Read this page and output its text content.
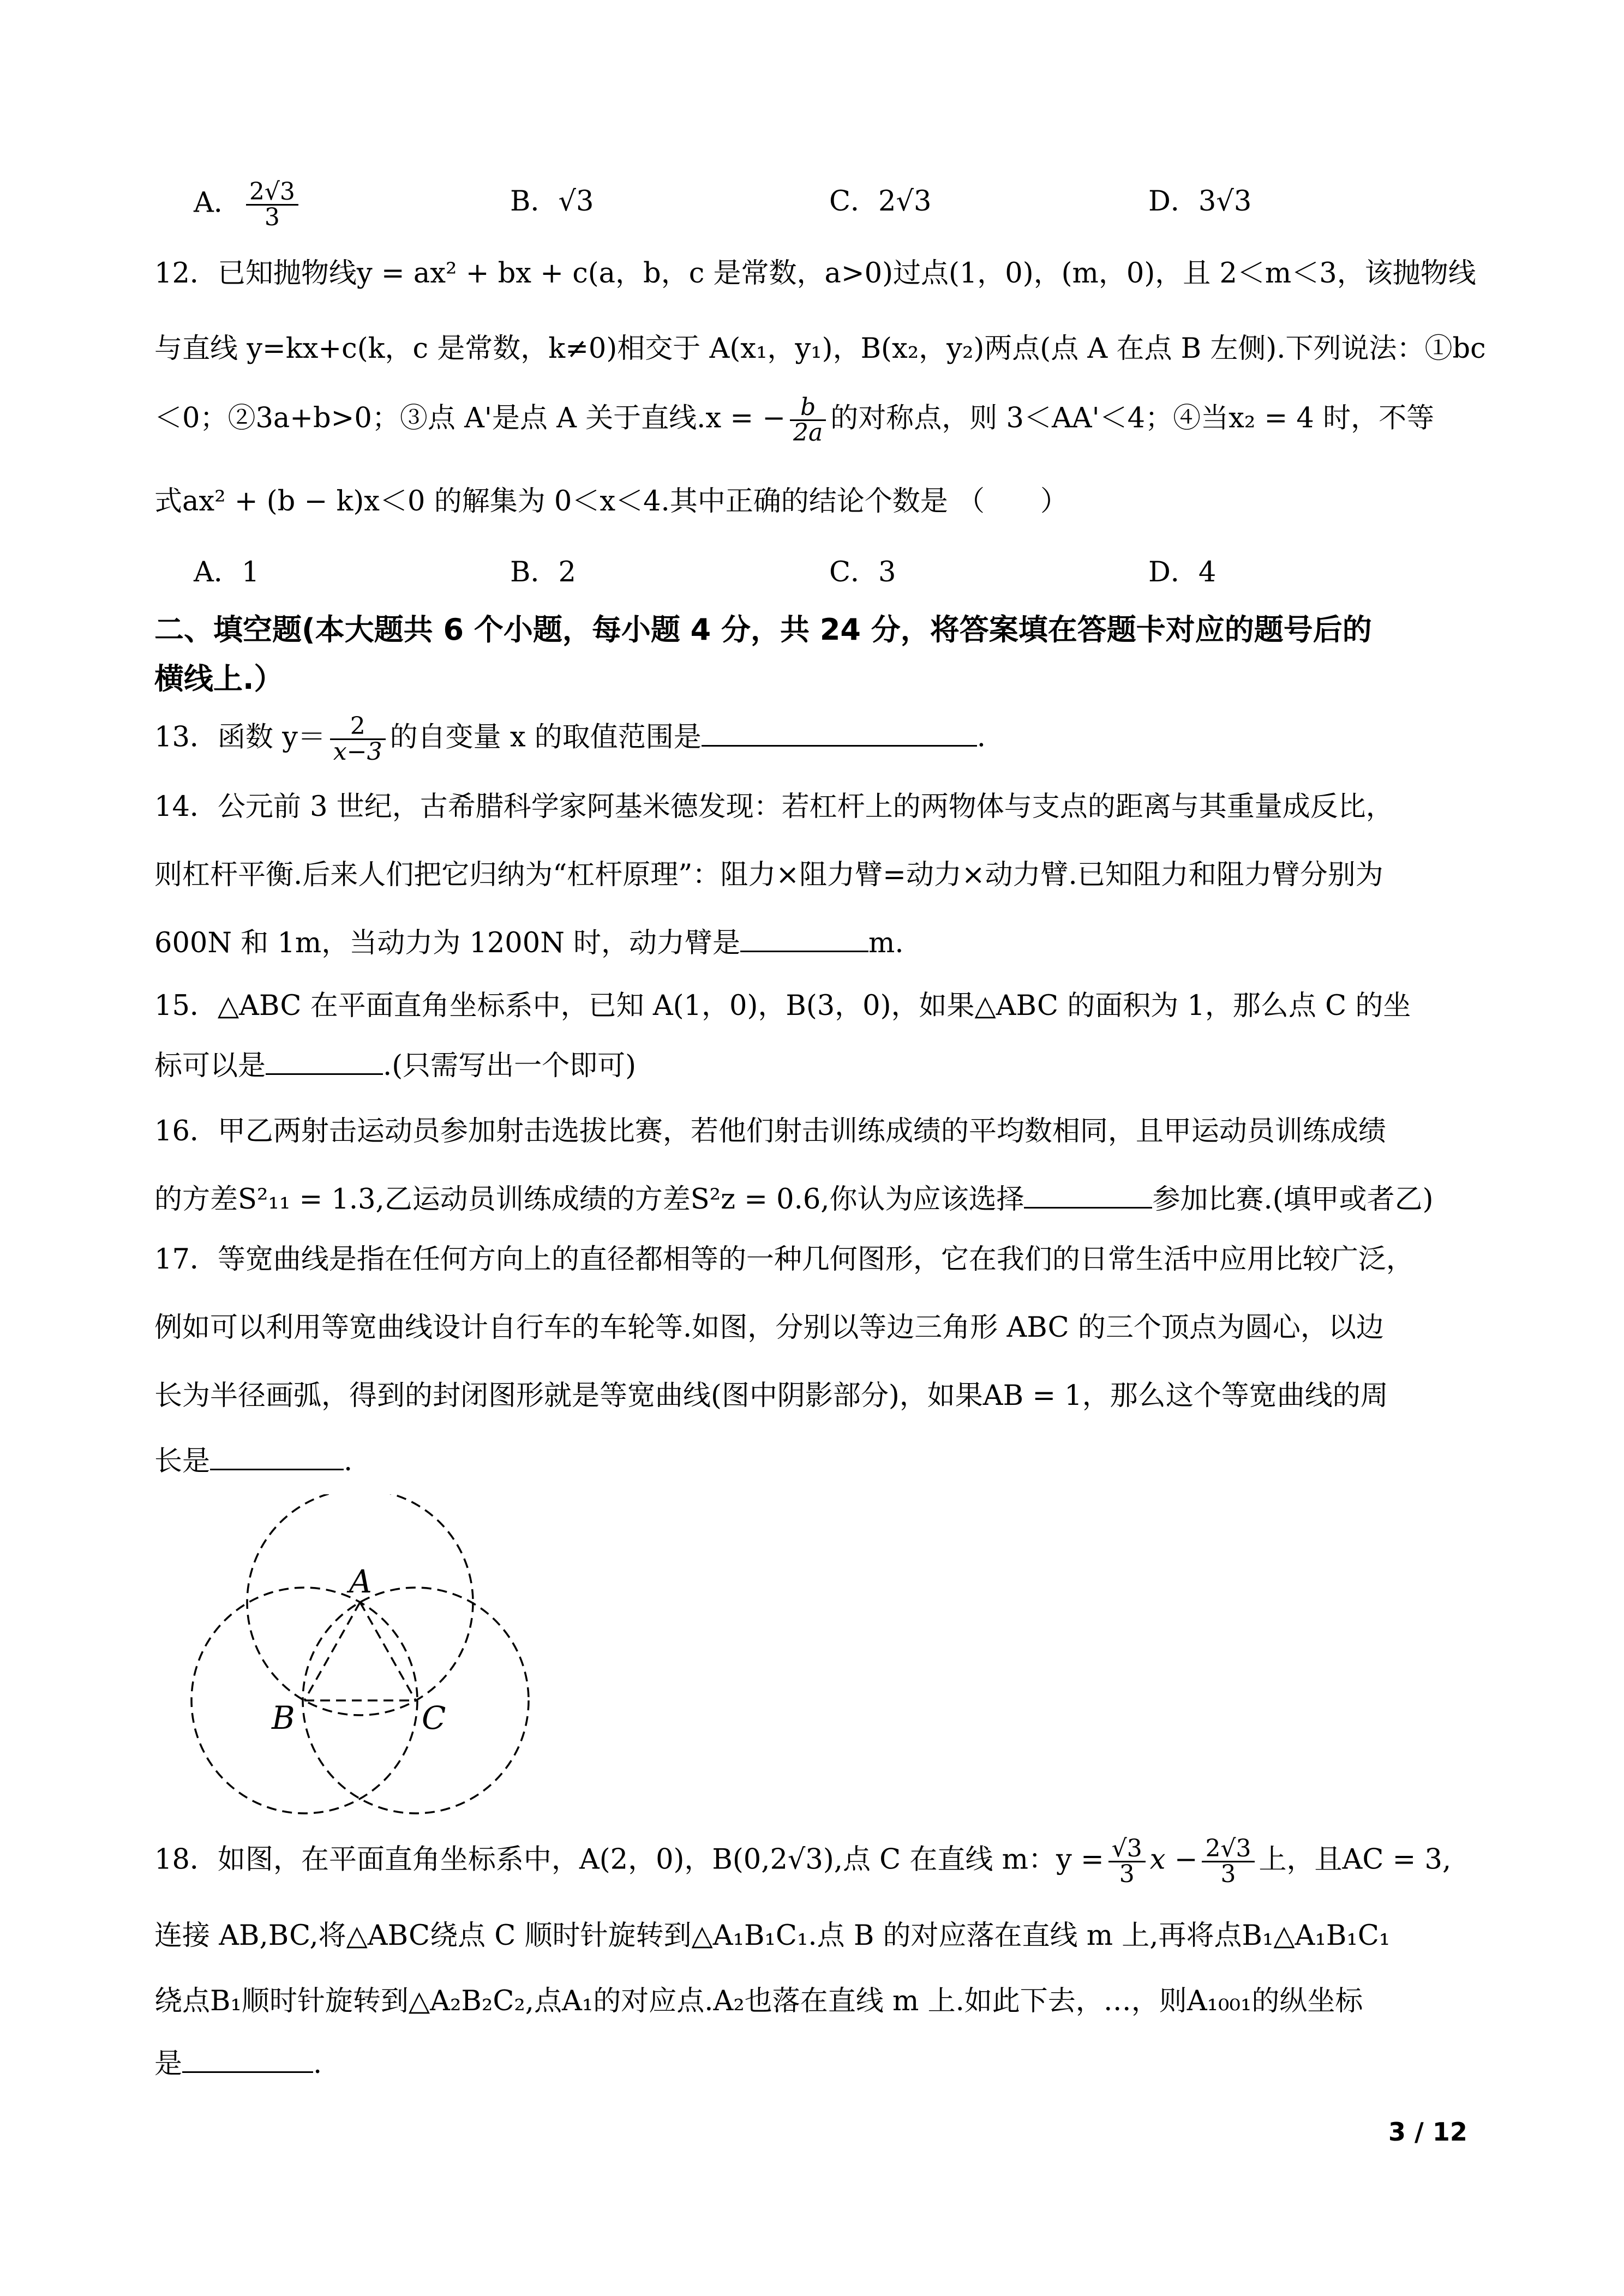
A． $\frac{2√3}{3}$	B．√3	C．2√3	D．3√3
12．已知抛物线y = ax² + bx + c(a，b，c 是常数，a>0)过点(1，0)，(m，0)，且 2＜m＜3，该抛物线
与直线 y=kx+c(k，c 是常数，k≠0)相交于 A(x₁，y₁)，B(x₂，y₂)两点(点 A 在点 B 左侧).下列说法：①bc
＜0；②3a+b>0；③点 A'是点 A 关于直线.x = − $\frac{b}{2a}$ 的对称点，则 3＜AA'＜4；④当x₂ = 4 时，不等
式ax² + (b − k)x＜0 的解集为 0＜x＜4.其中正确的结论个数是 （　　）
A．1	B．2	C．3	D．4
二、填空题(本大题共 6 个小题，每小题 4 分，共 24 分，将答案填在答题卡对应的题号后的
横线上.）
13．函数 $y= \frac{2}{x-3}$ 的自变量 x 的取值范围是	.
14．公元前 3 世纪，古希腊科学家阿基米德发现：若杠杆上的两物体与支点的距离与其重量成反比，
则杠杆平衡.后来人们把它归纳为“杠杆原理”：阻力×阻力臂=动力×动力臂.已知阻力和阻力臂分别为
600N 和 1m，当动力为 1200N 时，动力臂是	m.
15．△ABC 在平面直角坐标系中，已知 A(1，0)，B(3，0)，如果△ABC 的面积为 1，那么点 C 的坐
标可以是	.(只需写出一个即可)
16．甲乙两射击运动员参加射击选拔比赛，若他们射击训练成绩的平均数相同，且甲运动员训练成绩
的方差S²₁₁ = 1.3,乙运动员训练成绩的方差S²z = 0.6,你认为应该选择	参加比赛.(填甲或者乙)
17．等宽曲线是指在任何方向上的直径都相等的一种几何图形，它在我们的日常生活中应用比较广泛，
例如可以利用等宽曲线设计自行车的车轮等.如图，分别以等边三角形 ABC 的三个顶点为圆心，以边
长为半径画弧，得到的封闭图形就是等宽曲线(图中阴影部分)，如果AB = 1，那么这个等宽曲线的周
长是	.
A
B	C
18．如图，在平面直角坐标系中，A(2，0)，B(0,2√3),点 C 在直线 m：$y = \frac{√3}{3}$ $x - \frac{2√3}{3}$ 上，且AC = 3,
连接 AB,BC,将△ABC绕点 C 顺时针旋转到△A₁B₁C₁.点 B 的对应落在直线 m 上,再将点B₁△A₁B₁C₁
绕点B₁顺时针旋转到△A₂B₂C₂,点A₁的对应点.A₂也落在直线 m 上.如此下去，…，则A₁₀₀₁的纵坐标
是	.
3 / 12
